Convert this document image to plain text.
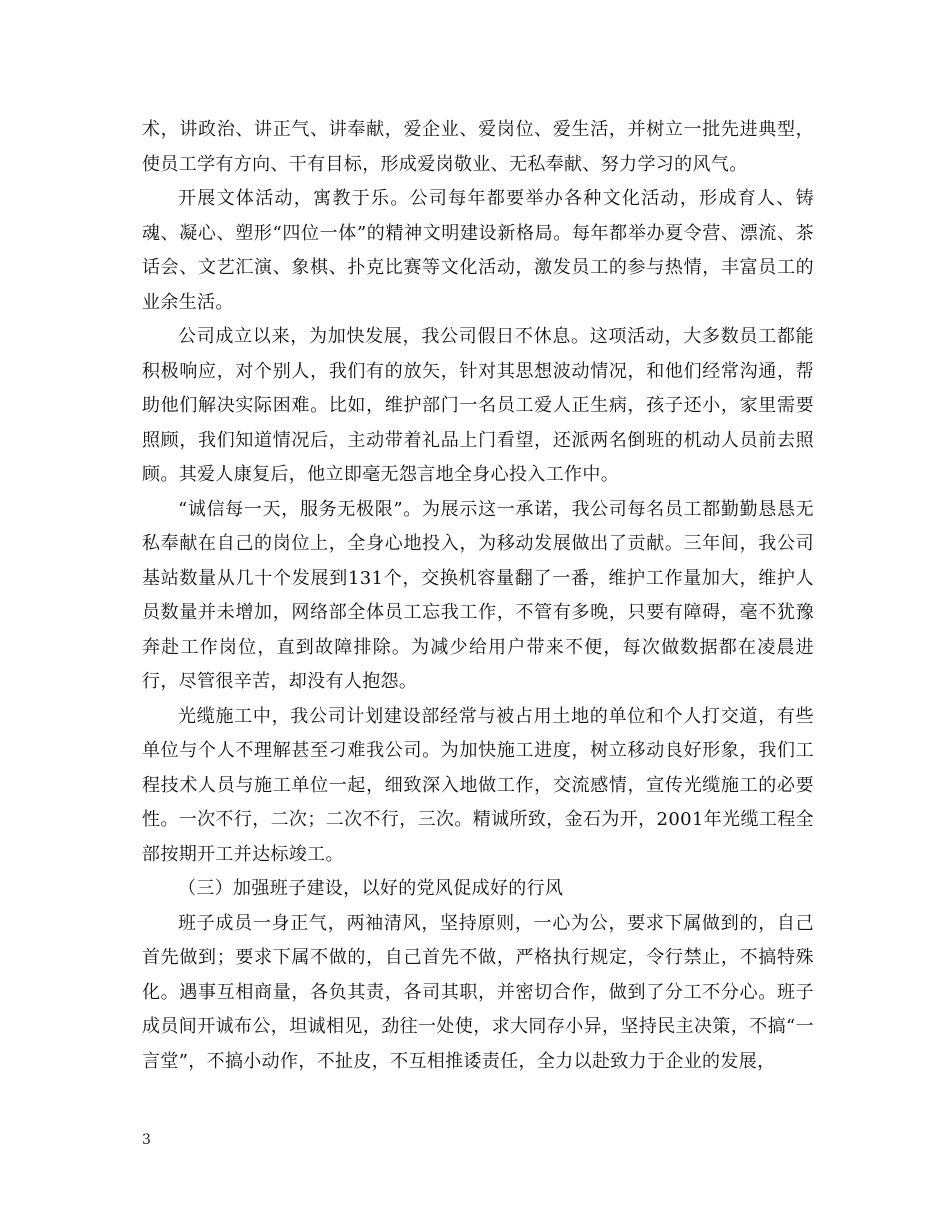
术，讲政治、讲正气、讲奉献，爱企业、爱岗位、爱生活，并树立一批先进典型，使员工学有方向、干有目标，形成爱岗敬业、无私奉献、努力学习的风气。

开展文体活动，寓教于乐。公司每年都要举办各种文化活动，形成育人、铸魂、凝心、塑形“四位一体”的精神文明建设新格局。每年都举办夏令营、漂流、茶话会、文艺汇演、象棋、扑克比赛等文化活动，激发员工的参与热情，丰富员工的业余生活。

公司成立以来，为加快发展，我公司假日不休息。这项活动，大多数员工都能积极响应，对个别人，我们有的放矢，针对其思想波动情况，和他们经常沟通，帮助他们解决实际困难。比如，维护部门一名员工爱人正生病，孩子还小，家里需要照顾，我们知道情况后，主动带着礼品上门看望，还派两名倒班的机动人员前去照顾。其爱人康复后，他立即毫无怨言地全身心投入工作中。

“诚信每一天，服务无极限”。为展示这一承诺，我公司每名员工都勤勤恳恳无私奉献在自己的岗位上，全身心地投入，为移动发展做出了贡献。三年间，我公司基站数量从几十个发展到131个，交换机容量翻了一番，维护工作量加大，维护人员数量并未增加，网络部全体员工忘我工作，不管有多晚，只要有障碍，毫不犹豫奔赴工作岗位，直到故障排除。为减少给用户带来不便，每次做数据都在凌晨进行，尽管很辛苦，却没有人抱怨。

光缆施工中，我公司计划建设部经常与被占用土地的单位和个人打交道，有些单位与个人不理解甚至刁难我公司。为加快施工进度，树立移动良好形象，我们工程技术人员与施工单位一起，细致深入地做工作，交流感情，宣传光缆施工的必要性。一次不行，二次；二次不行，三次。精诚所致，金石为开，2001年光缆工程全部按期开工并达标竣工。

（三）加强班子建设，以好的党风促成好的行风

班子成员一身正气，两袖清风，坚持原则，一心为公，要求下属做到的，自己首先做到；要求下属不做的，自己首先不做，严格执行规定，令行禁止，不搞特殊化。遇事互相商量，各负其责，各司其职，并密切合作，做到了分工不分心。班子成员间开诚布公，坦诚相见，劲往一处使，求大同存小异，坚持民主决策，不搞“一言堂”，不搞小动作，不扯皮，不互相推诿责任，全力以赴致力于企业的发展，

3
